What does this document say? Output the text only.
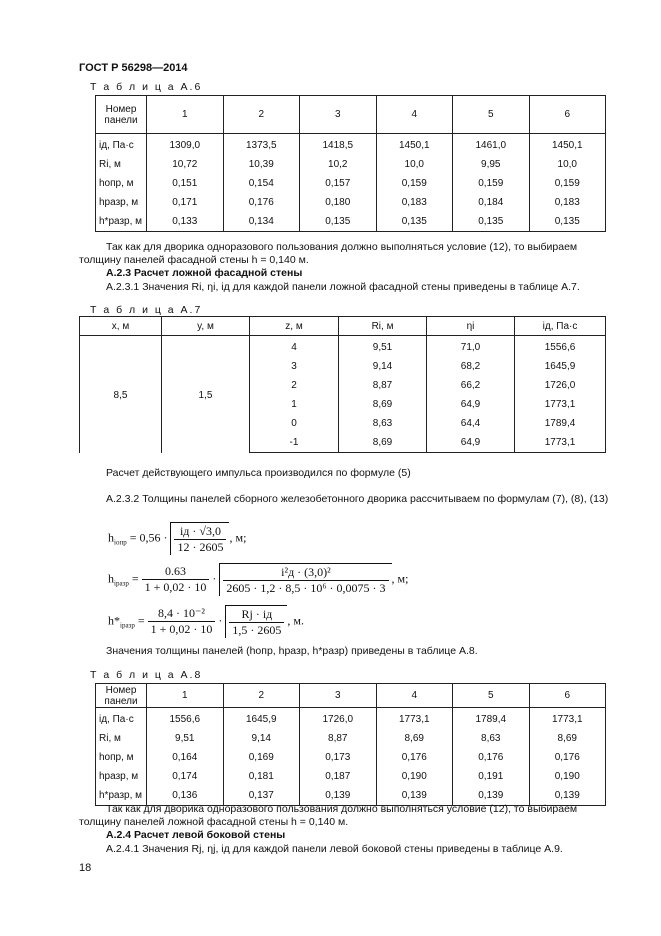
ГОСТ Р 56298—2014
Т а б л и ц а А.6
Номер панели	1	2	3	4	5	6
iд, Па·с	1309,0	1373,5	1418,5	1450,1	1461,0	1450,1
Ri, м	10,72	10,39	10,2	10,0	9,95	10,0
hопр, м	0,151	0,154	0,157	0,159	0,159	0,159
hразр, м	0,171	0,176	0,180	0,183	0,184	0,183
h*разр, м	0,133	0,134	0,135	0,135	0,135	0,135
Так как для дворика одноразового пользования должно выполняться условие (12), то выбираем толщину панелей фасадной стены h = 0,140 м.
А.2.3 Расчет ложной фасадной стены
А.2.3.1 Значения Ri, ηi, iд для каждой панели ложной фасадной стены приведены в таблице А.7.
Т а б л и ц а А.7
x, м	y, м	z, м	Ri, м	ηi	iд, Па·с
8,5	1,5	4	9,51	71,0	1556,6
		3	9,14	68,2	1645,9
		2	8,87	66,2	1726,0
		1	8,69	64,9	1773,1
		0	8,63	64,4	1789,4
		-1	8,69	64,9	1773,1
Расчет действующего импульса производился по формуле (5)
А.2.3.2 Толщины панелей сборного железобетонного дворика рассчитываем по формулам (7), (8), (13)
$h_{iопр} = 0,56 \cdot \frac{iд \cdot √3,0}{12 \cdot 2605}$ , м;
$h_{iразр} = \frac{0.63}{1 + 0,02 \cdot 10} \cdot \frac{\text{i²д · (3,0)²}}{\text{2605 · 1,2 · 8,5 · 10⁶ · 0,0075 · 3}}$ , м;
$h*_{iразр} = \frac{\text{8,4 · 10⁻²}}{1 + 0,02 \cdot 10} \cdot \frac{Rj \cdot iд}{1,5 \cdot 2605}$ , м.
Значения толщины панелей (hопр, hразр, h*разр) приведены в таблице А.8.
Т а б л и ц а А.8
Номер панели	1	2	3	4	5	6
iд, Па·с	1556,6	1645,9	1726,0	1773,1	1789,4	1773,1
Ri, м	9,51	9,14	8,87	8,69	8,63	8,69
hопр, м	0,164	0,169	0,173	0,176	0,176	0,176
hразр, м	0,174	0,181	0,187	0,190	0,191	0,190
h*разр, м	0,136	0,137	0,139	0,139	0,139	0,139
Так как для дворика одноразового пользования должно выполняться условие (12), то выбираем толщину панелей ложной фасадной стены h = 0,140 м.
А.2.4 Расчет левой боковой стены
А.2.4.1 Значения Rj, ηj, iд для каждой панели левой боковой стены приведены в таблице А.9.
18
